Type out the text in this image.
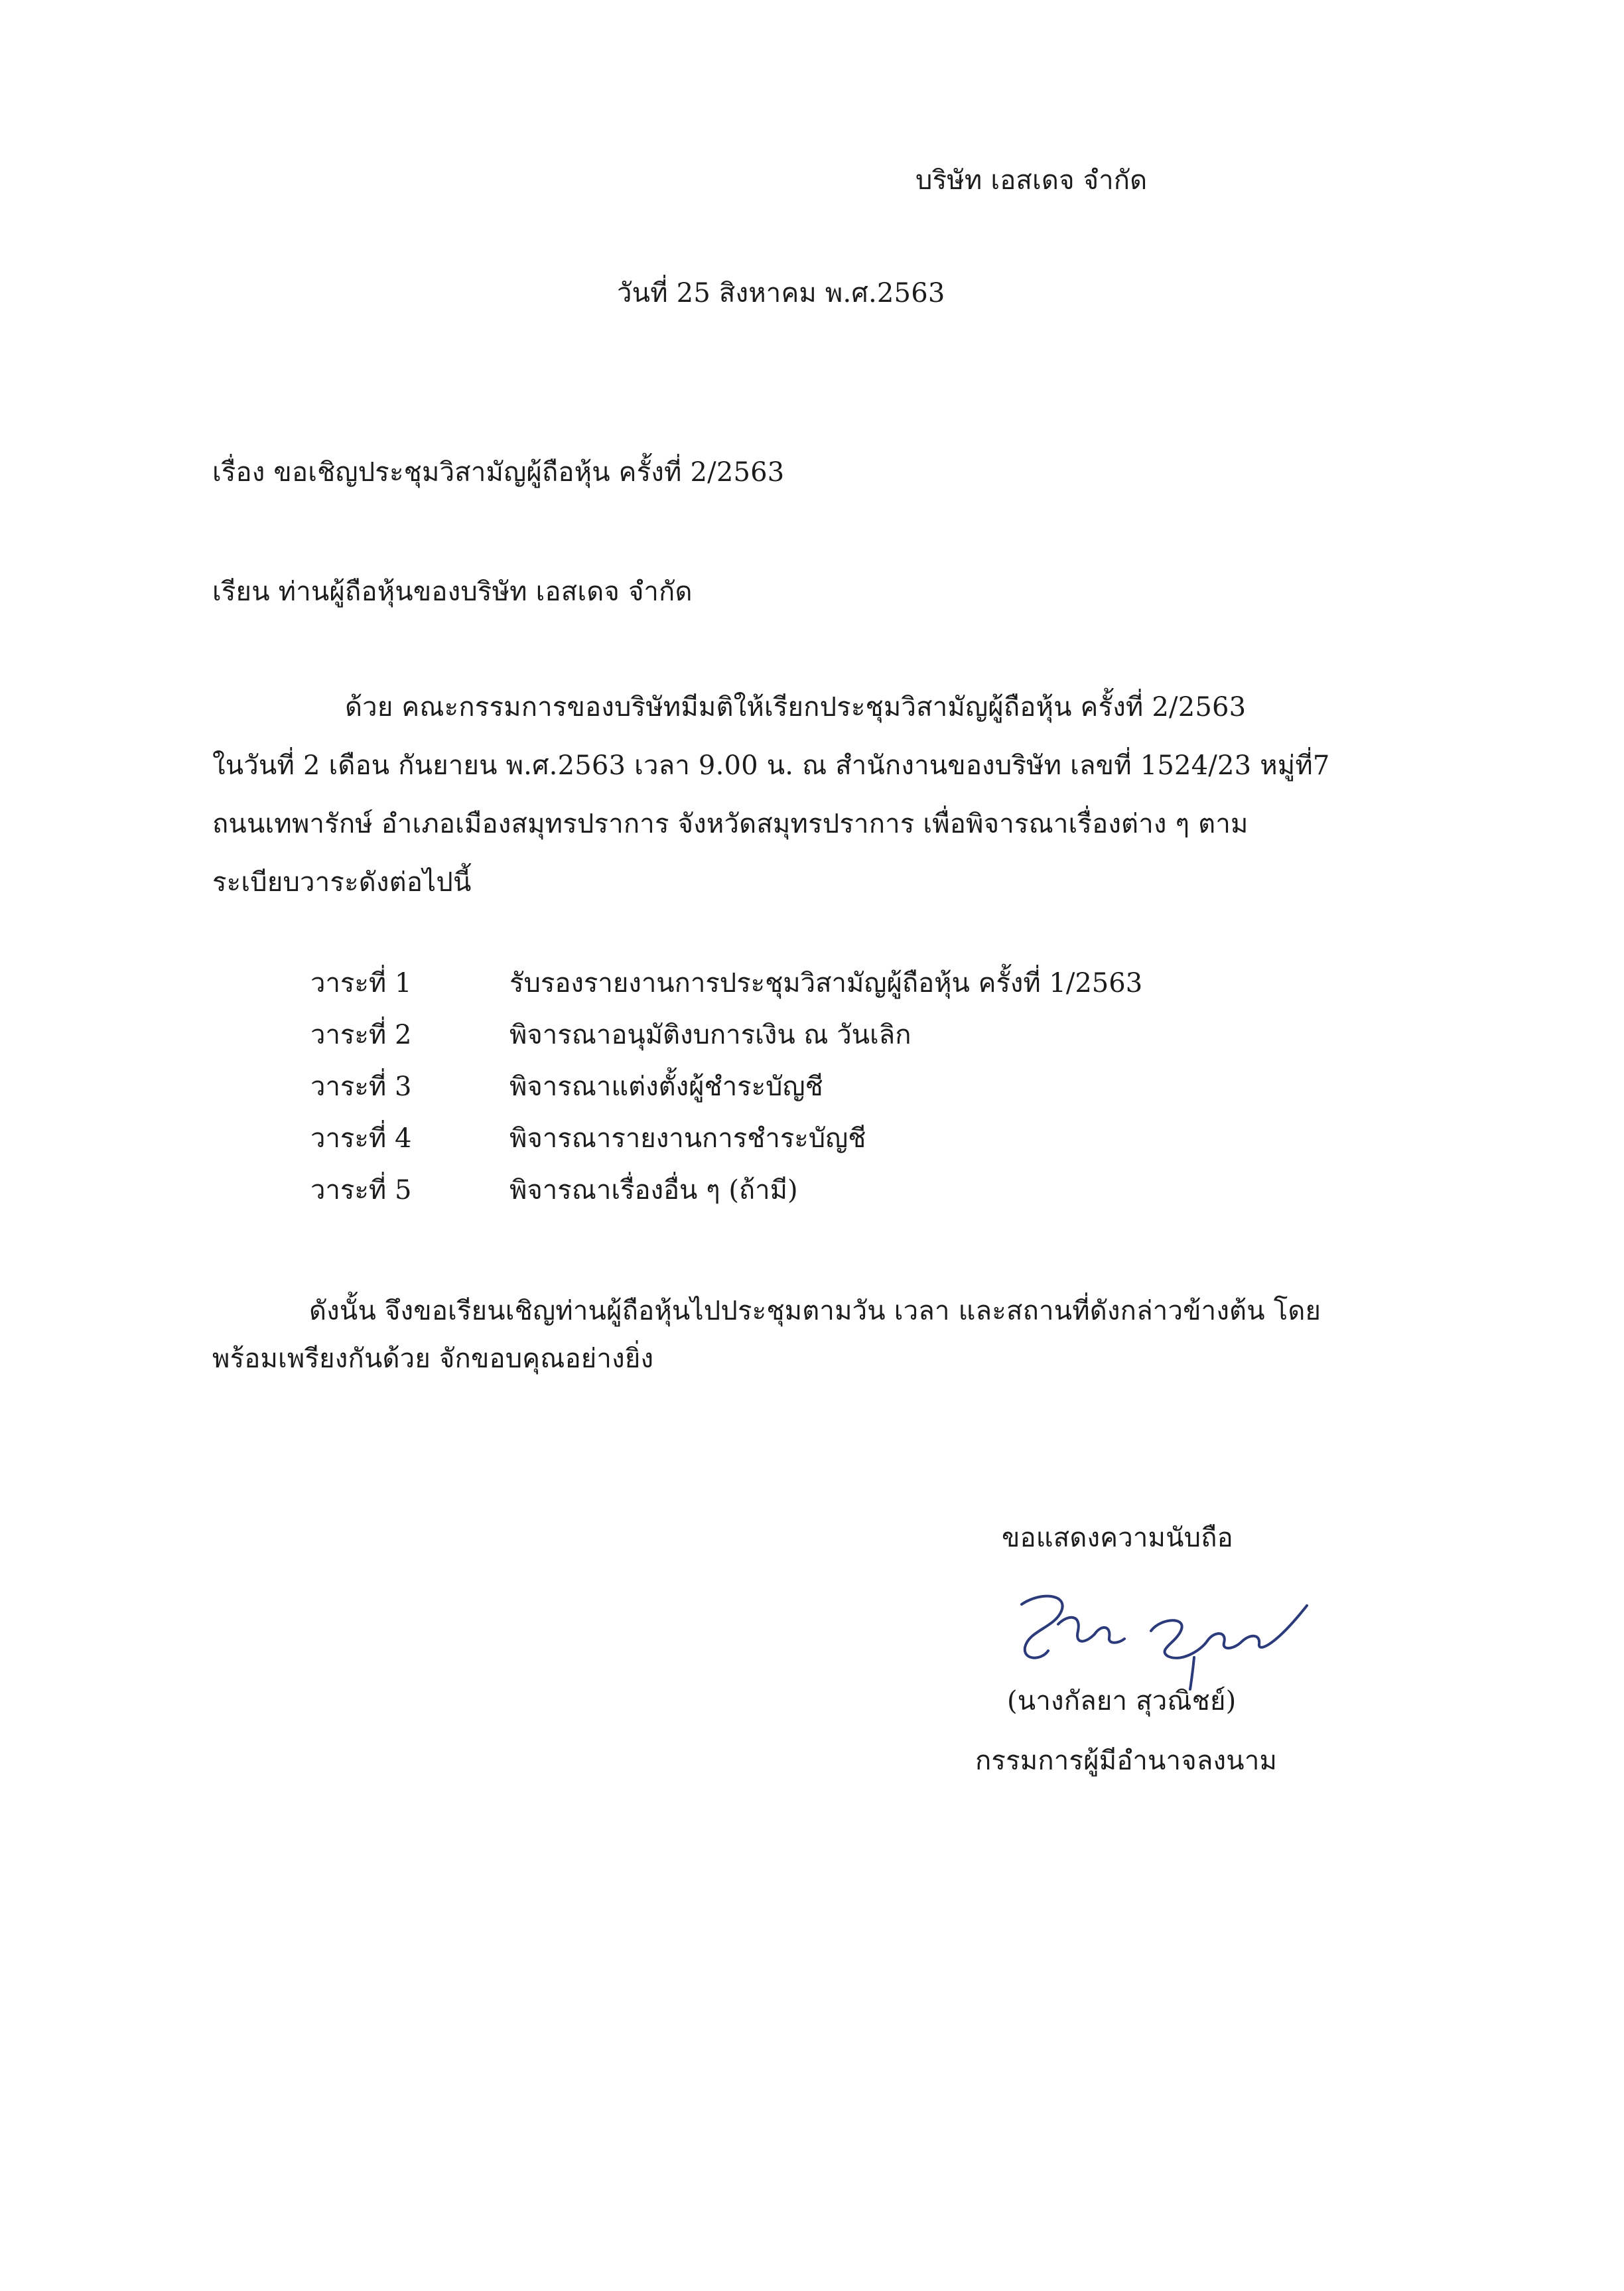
บริษัท เอสเดจ จำกัด
วันที่ 25 สิงหาคม พ.ศ.2563
เรื่อง ขอเชิญประชุมวิสามัญผู้ถือหุ้น ครั้งที่ 2/2563
เรียน ท่านผู้ถือหุ้นของบริษัท เอสเดจ จำกัด
ด้วย คณะกรรมการของบริษัทมีมติให้เรียกประชุมวิสามัญผู้ถือหุ้น ครั้งที่ 2/2563
ในวันที่ 2 เดือน กันยายน พ.ศ.2563 เวลา 9.00 น. ณ สำนักงานของบริษัท เลขที่ 1524/23 หมู่ที่7
ถนนเทพารักษ์ อำเภอเมืองสมุทรปราการ จังหวัดสมุทรปราการ เพื่อพิจารณาเรื่องต่าง ๆ ตาม
ระเบียบวาระดังต่อไปนี้
วาระที่ 1	รับรองรายงานการประชุมวิสามัญผู้ถือหุ้น ครั้งที่ 1/2563
วาระที่ 2	พิจารณาอนุมัติงบการเงิน ณ วันเลิก
วาระที่ 3	พิจารณาแต่งตั้งผู้ชำระบัญชี
วาระที่ 4	พิจารณารายงานการชำระบัญชี
วาระที่ 5	พิจารณาเรื่องอื่น ๆ (ถ้ามี)
ดังนั้น จึงขอเรียนเชิญท่านผู้ถือหุ้นไปประชุมตามวัน เวลา และสถานที่ดังกล่าวข้างต้น โดย
พร้อมเพรียงกันด้วย จักขอบคุณอย่างยิ่ง
ขอแสดงความนับถือ
(นางกัลยา สุวณิชย์)
กรรมการผู้มีอำนาจลงนาม
